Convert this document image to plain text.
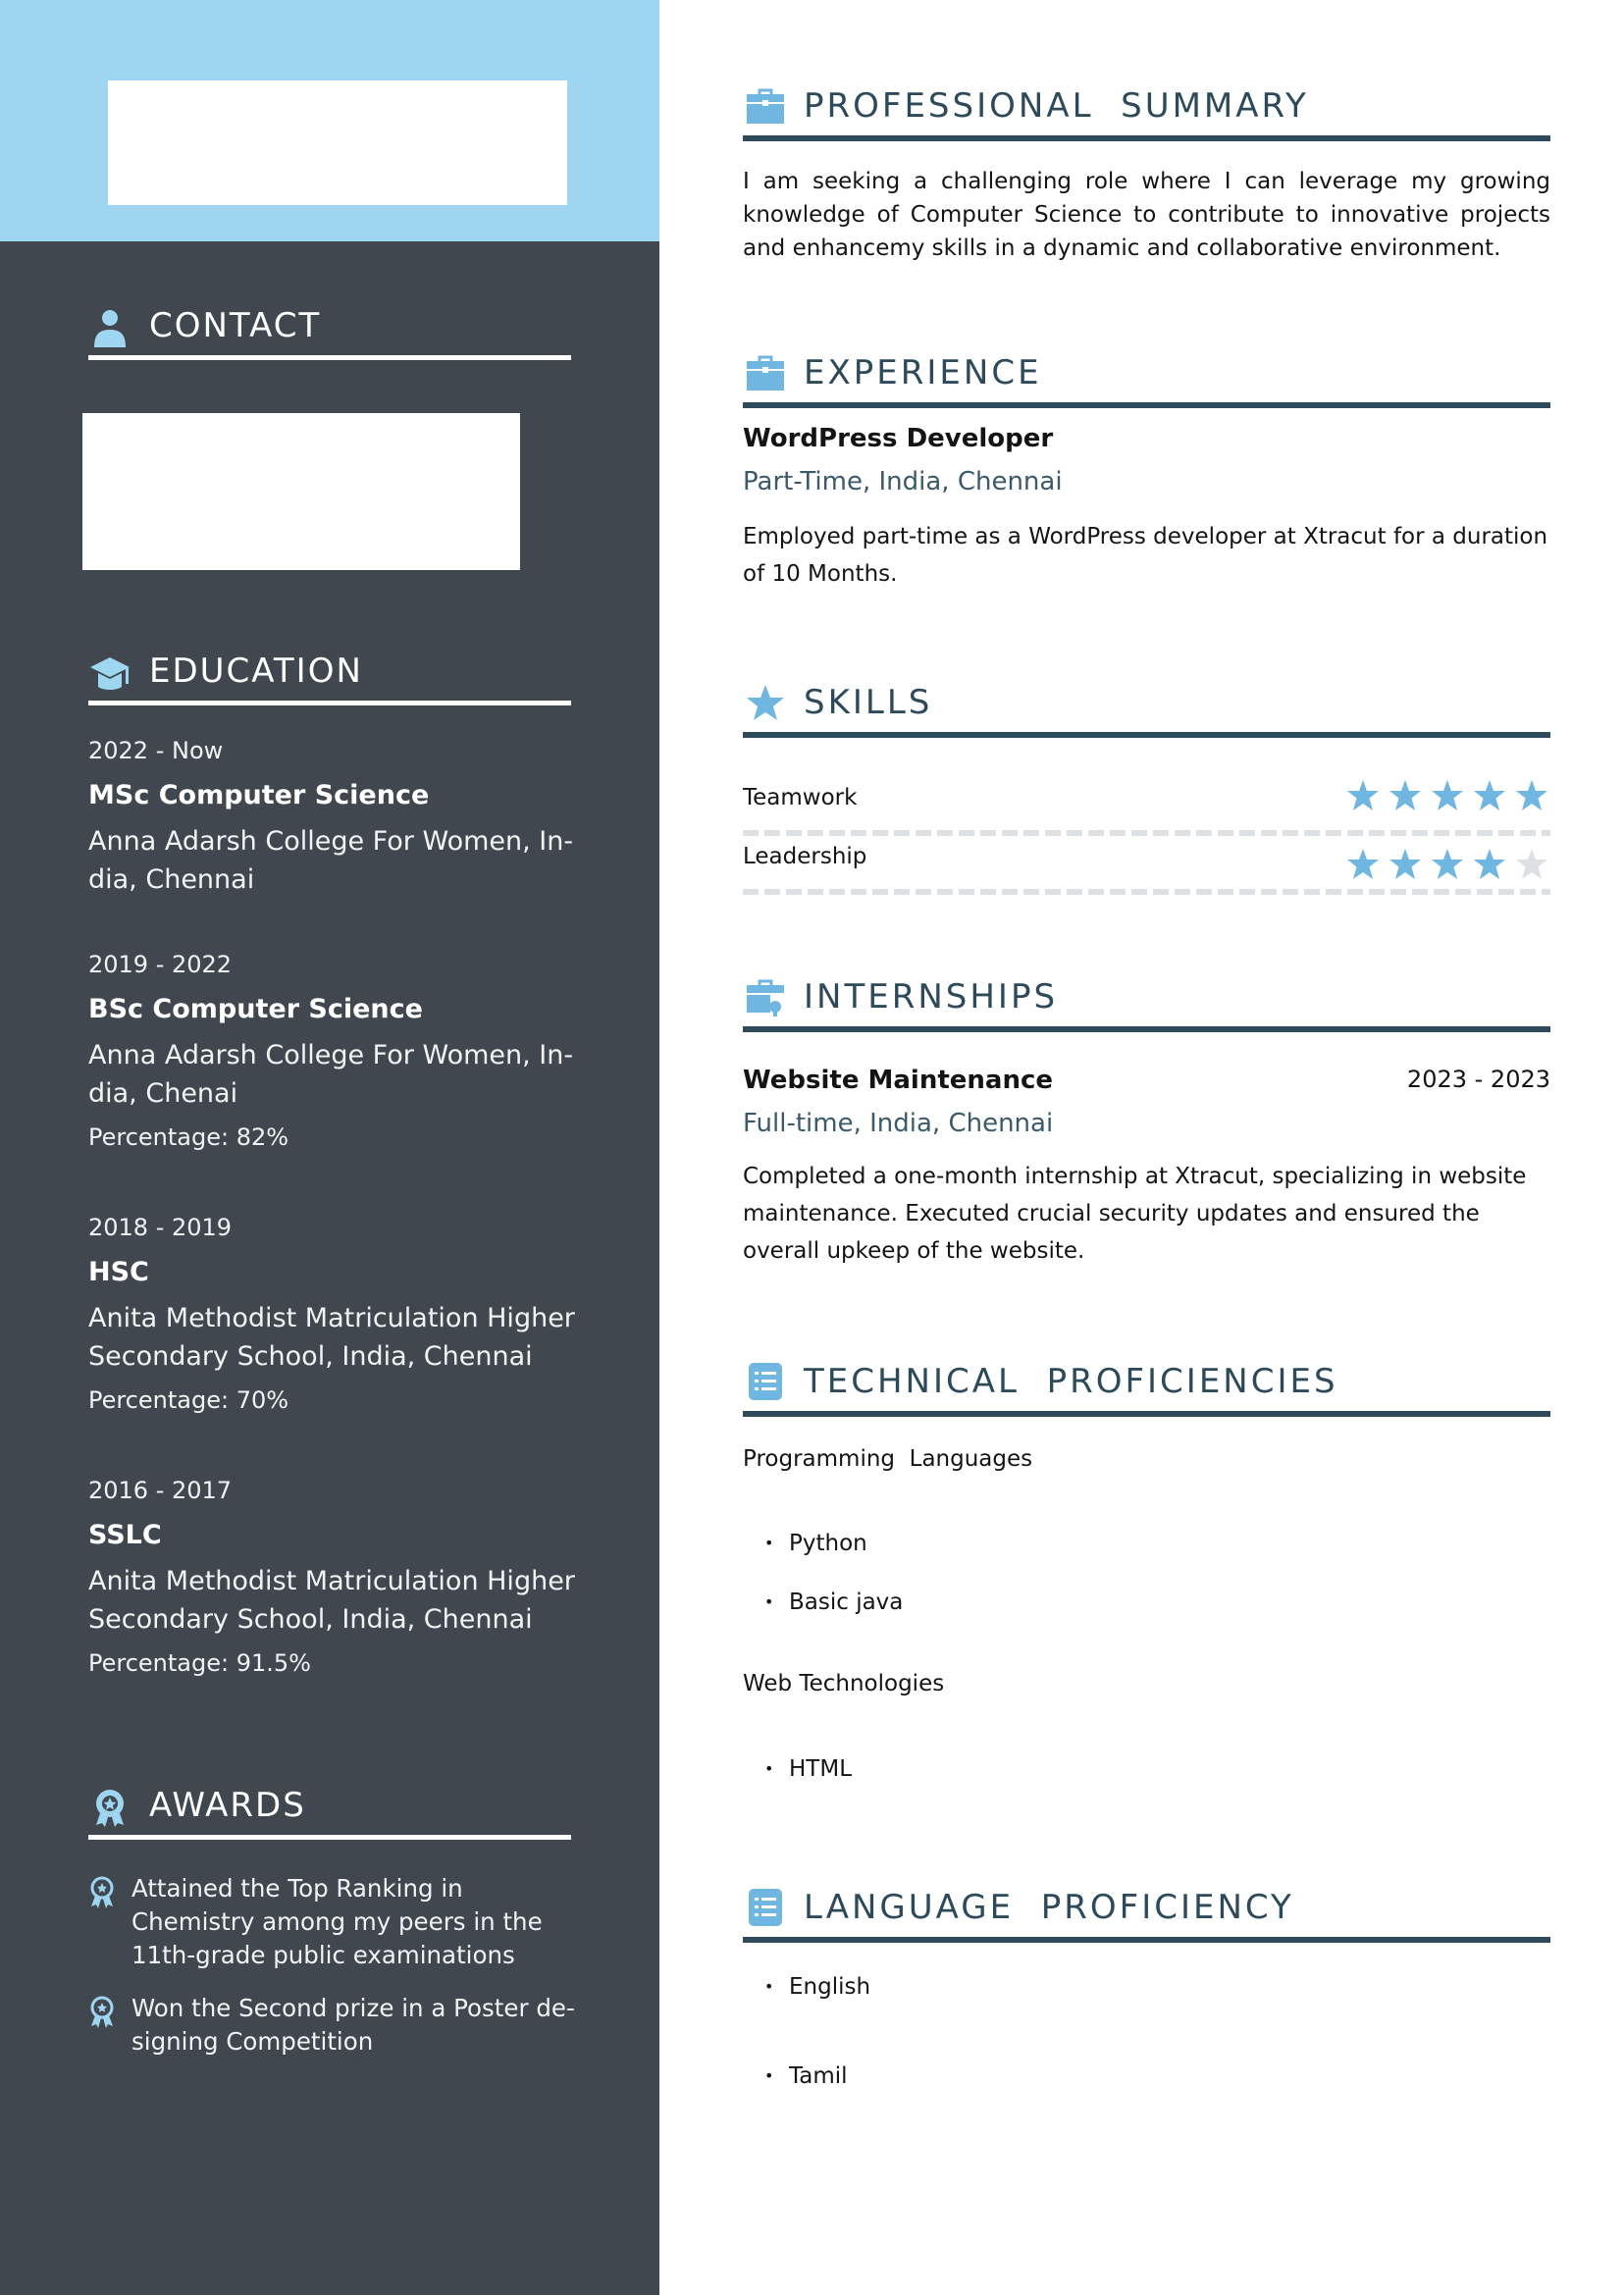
CONTACT
EDUCATION
2022 - Now
MSc Computer Science
Anna Adarsh College For Women, In-dia, Chennai
2019 - 2022
BSc Computer Science
Anna Adarsh College For Women, In-dia, Chenai
Percentage: 82%
2018 - 2019
HSC
Anita Methodist Matriculation Higher Secondary School, India, Chennai
Percentage: 70%
2016 - 2017
SSLC
Anita Methodist Matriculation Higher Secondary School, India, Chennai
Percentage: 91.5%
AWARDS
Attained the Top Ranking in Chemistry among my peers in the 11th-grade public examinations
Won the Second prize in a Poster de-signing Competition
PROFESSIONAL  SUMMARY
I am seeking a challenging role where I can leverage my growing knowledge of Computer Science to contribute to innovative projects and enhancemy skills in a dynamic and collaborative environment.
EXPERIENCE
WordPress Developer
Part-Time, India, Chennai
Employed part-time as a WordPress developer at Xtracut for a duration of 10 Months.
SKILLS
Teamwork
Leadership
INTERNSHIPS
Website Maintenance	2023 - 2023
Full-time, India, Chennai
Completed a one-month internship at Xtracut, specializing in website maintenance. Executed crucial security updates and ensured the overall upkeep of the website.
TECHNICAL  PROFICIENCIES
Programming  Languages
• Python
• Basic java
Web Technologies
• HTML
LANGUAGE  PROFICIENCY
• English
• Tamil
